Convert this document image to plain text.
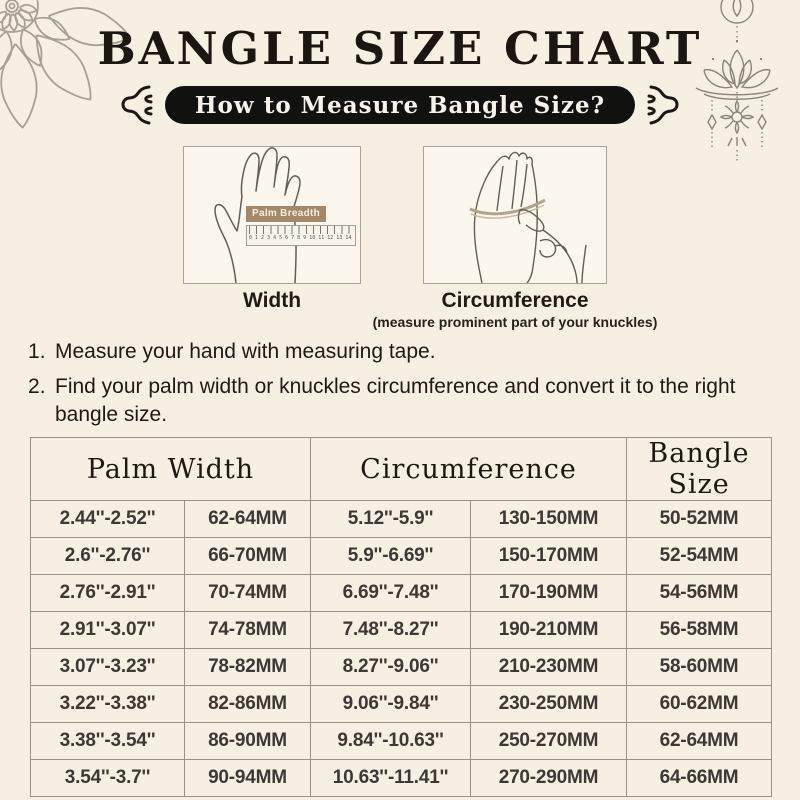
BANGLE SIZE CHART
How to Measure Bangle Size?
Palm Breadth
0 1 2 3 4 5 6 7 8 9 10 11 12 13 14
Width	Circumference
(measure prominent part of your knuckles)
Measure your hand with measuring tape.
Find your palm width or knuckles circumference and convert it to the right bangle size.
Palm Width		Circumference		Bangle Size
2.44''-2.52''	62-64MM	5.12''-5.9''	130-150MM	50-52MM
2.6''-2.76''	66-70MM	5.9''-6.69''	150-170MM	52-54MM
2.76''-2.91''	70-74MM	6.69''-7.48''	170-190MM	54-56MM
2.91''-3.07''	74-78MM	7.48''-8.27''	190-210MM	56-58MM
3.07''-3.23''	78-82MM	8.27''-9.06''	210-230MM	58-60MM
3.22''-3.38''	82-86MM	9.06''-9.84''	230-250MM	60-62MM
3.38''-3.54''	86-90MM	9.84''-10.63''	250-270MM	62-64MM
3.54''-3.7''	90-94MM	10.63''-11.41''	270-290MM	64-66MM
